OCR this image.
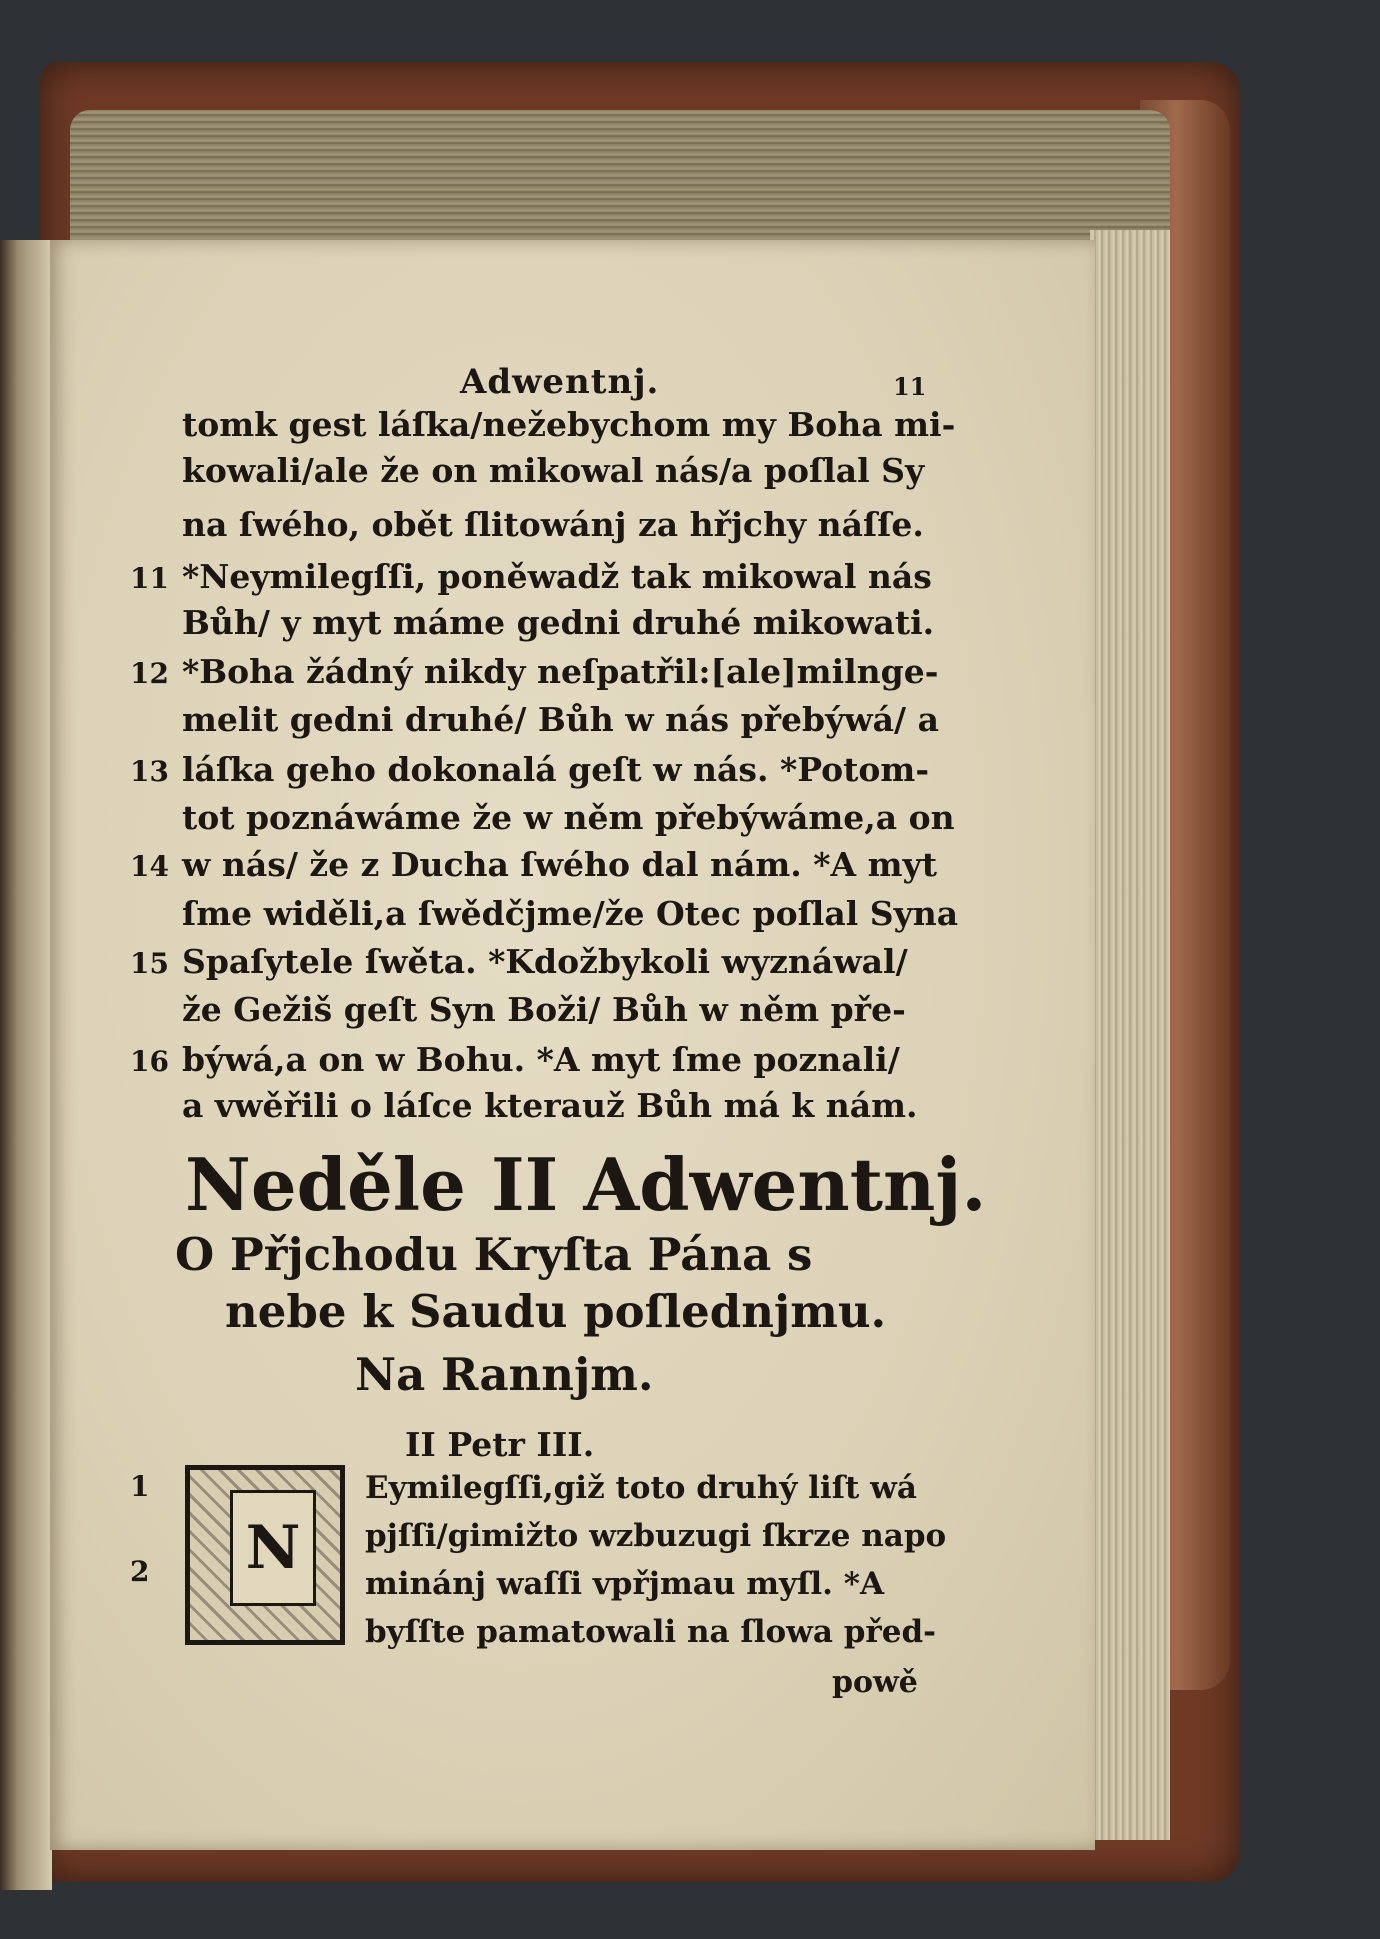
Adwentnj.	11
tomk gest láſka/nežebychom my Boha mi-
kowali/ale že on mikowal nás/a poſlal Sy
na ſwého, obět ſlitowánj za hřjchy náſſe.
*Neymilegſſi, poněwadž tak mikowal nás
Bůh/ y myt máme gedni druhé mikowati.
*Boha žádný nikdy neſpatřil:[ale]milnge-
melit gedni druhé/ Bůh w nás přebýwá/ a
láſka geho dokonalá geſt w nás. *Potom-
tot poznáwáme že w něm přebýwáme,a on
w nás/ že z Ducha ſwého dal nám. *A myt
ſme widěli,a ſwědčjme/že Otec poſlal Syna
Spaſytele ſwěta. *Kdožbykoli wyznáwal/
že Gežiš geſt Syn Boži/ Bůh w něm pře-
býwá,a on w Bohu. *A myt ſme poznali/
a vwěřili o láſce kterauž Bůh má k nám.
11
12
13
14
15
16
Neděle II Adwentnj.
O Přjchodu Kryſta Pána s
nebe k Saudu poſlednjmu.
Na Rannjm.
II Petr III.
1
2 N
Eymilegſſi,giž toto druhý liſt wá
pjſſi/gimižto wzbuzugi ſkrze napo
minánj waſſi vpřjmau myſl. *A
byſſte pamatowali na ſlowa před-
powě
